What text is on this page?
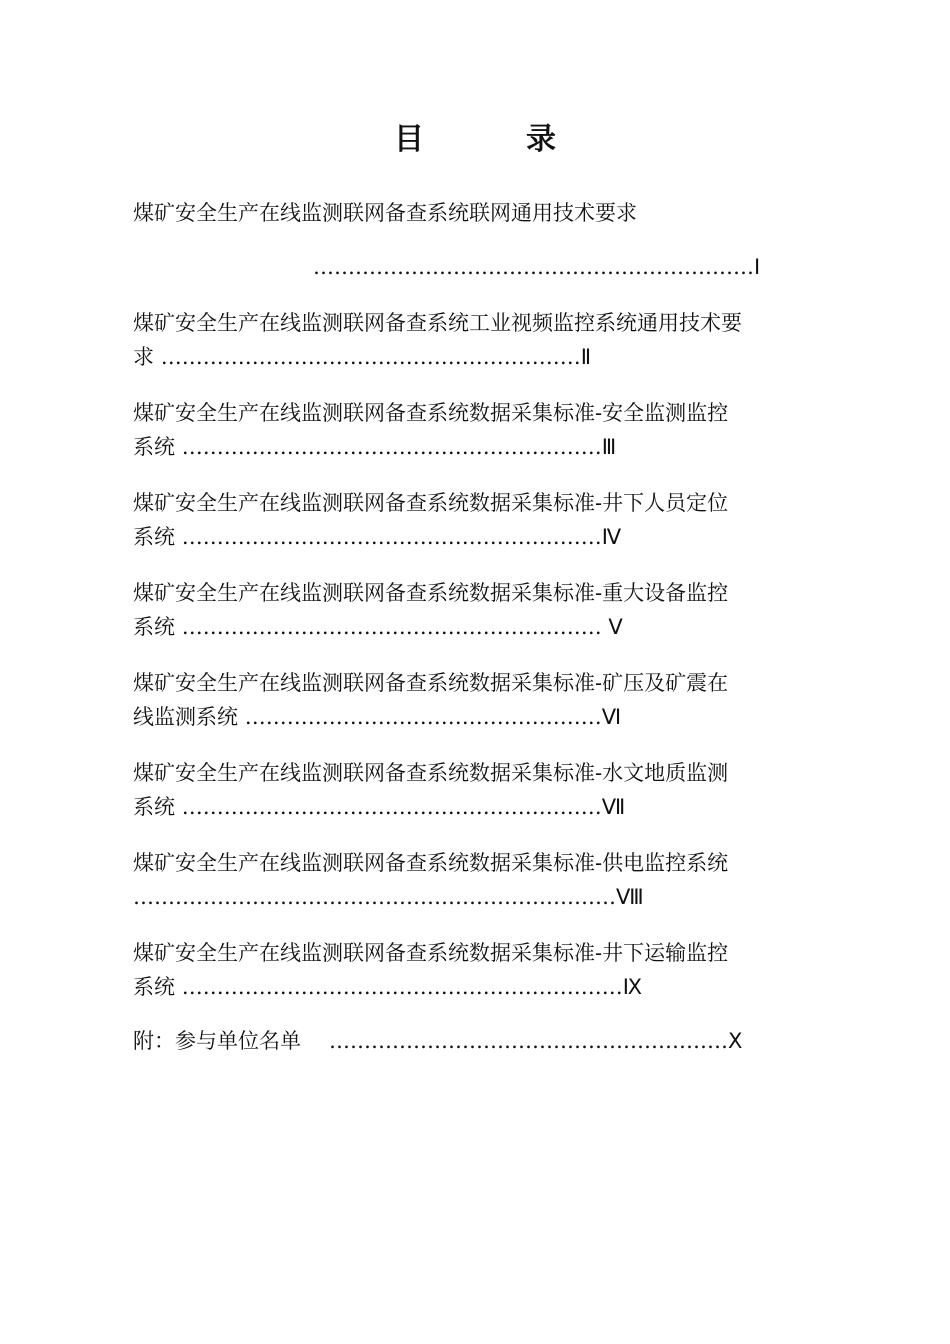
目　录
煤矿安全生产在线监测联网备查系统联网通用技术要求
………………………………………………………Ⅰ
煤矿安全生产在线监测联网备查系统工业视频监控系统通用技术要
求 ……………………………………………………Ⅱ
煤矿安全生产在线监测联网备查系统数据采集标准-安全监测监控
系统 ……………………………………………………Ⅲ
煤矿安全生产在线监测联网备查系统数据采集标准-井下人员定位
系统 ……………………………………………………Ⅳ
煤矿安全生产在线监测联网备查系统数据采集标准-重大设备监控
系统 …………………………………………………… Ⅴ
煤矿安全生产在线监测联网备查系统数据采集标准-矿压及矿震在
线监测系统 ……………………………………………Ⅵ
煤矿安全生产在线监测联网备查系统数据采集标准-水文地质监测
系统 ……………………………………………………Ⅶ
煤矿安全生产在线监测联网备查系统数据采集标准-供电监控系统
……………………………………………………………Ⅷ
煤矿安全生产在线监测联网备查系统数据采集标准-井下运输监控
系统 ………………………………………………………Ⅸ
附：参与单位名单 …………………………………………………Ⅹ
